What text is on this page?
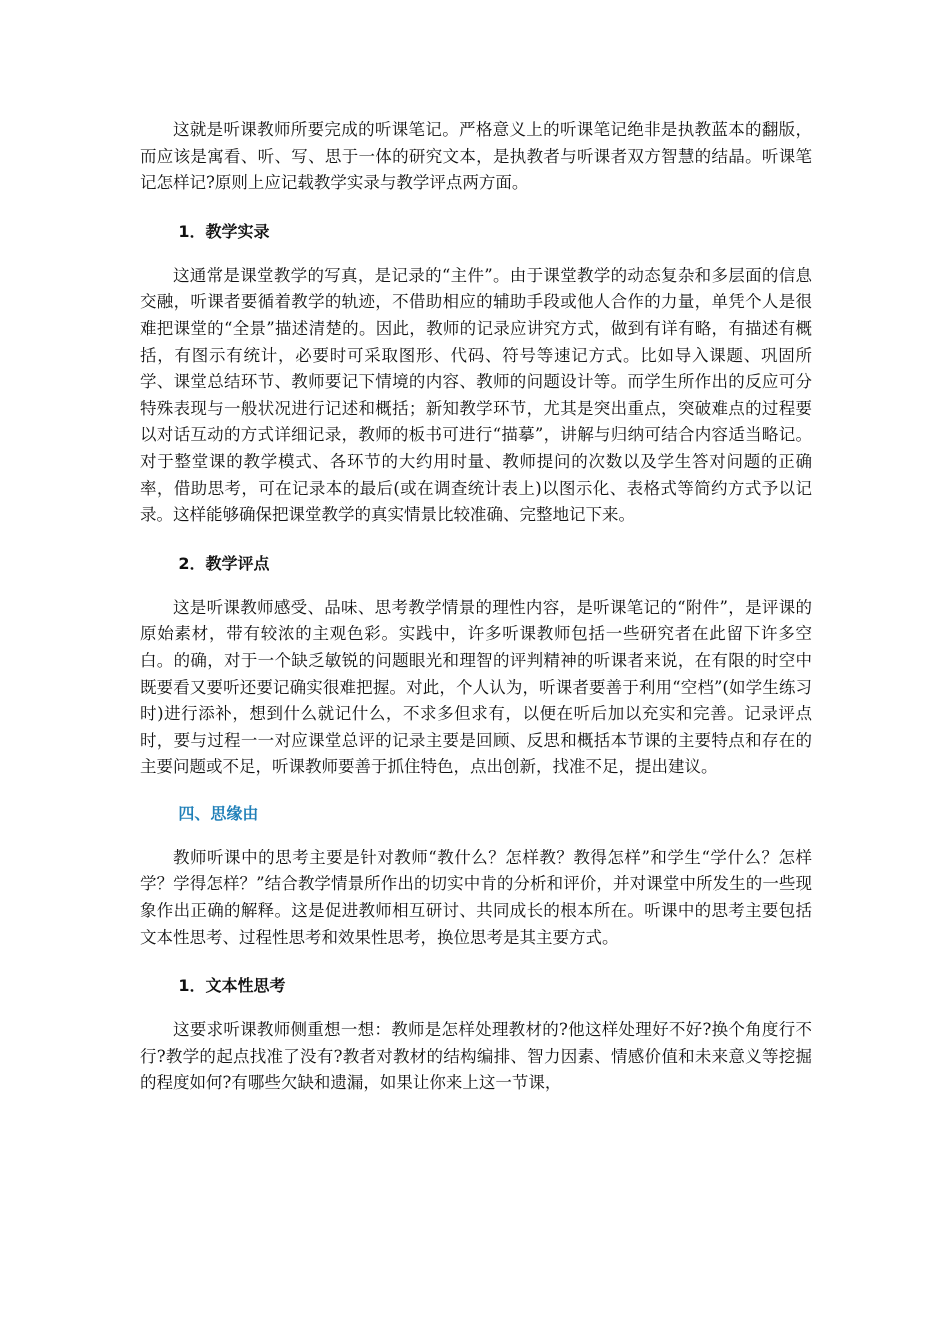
这就是听课教师所要完成的听课笔记。严格意义上的听课笔记绝非是执教蓝本的翻版，而应该是寓看、听、写、思于一体的研究文本，是执教者与听课者双方智慧的结晶。听课笔记怎样记?原则上应记载教学实录与教学评点两方面。

1．教学实录

这通常是课堂教学的写真，是记录的“主件”。由于课堂教学的动态复杂和多层面的信息交融，听课者要循着教学的轨迹，不借助相应的辅助手段或他人合作的力量，单凭个人是很难把课堂的“全景”描述清楚的。因此，教师的记录应讲究方式，做到有详有略，有描述有概括，有图示有统计，必要时可采取图形、代码、符号等速记方式。比如导入课题、巩固所学、课堂总结环节、教师要记下情境的内容、教师的问题设计等。而学生所作出的反应可分特殊表现与一般状况进行记述和概括；新知教学环节，尤其是突出重点，突破难点的过程要以对话互动的方式详细记录，教师的板书可进行“描摹”，讲解与归纳可结合内容适当略记。对于整堂课的教学模式、各环节的大约用时量、教师提问的次数以及学生答对问题的正确率，借助思考，可在记录本的最后(或在调查统计表上)以图示化、表格式等简约方式予以记录。这样能够确保把课堂教学的真实情景比较准确、完整地记下来。

2．教学评点

这是听课教师感受、品味、思考教学情景的理性内容，是听课笔记的“附件”，是评课的原始素材，带有较浓的主观色彩。实践中，许多听课教师包括一些研究者在此留下许多空白。的确，对于一个缺乏敏锐的问题眼光和理智的评判精神的听课者来说，在有限的时空中既要看又要听还要记确实很难把握。对此，个人认为，听课者要善于利用“空档”(如学生练习时)进行添补，想到什么就记什么，不求多但求有，以便在听后加以充实和完善。记录评点时，要与过程一一对应课堂总评的记录主要是回顾、反思和概括本节课的主要特点和存在的主要问题或不足，听课教师要善于抓住特色，点出创新，找准不足，提出建议。

四、思缘由

教师听课中的思考主要是针对教师“教什么？怎样教？教得怎样”和学生“学什么？怎样学？学得怎样？”结合教学情景所作出的切实中肯的分析和评价，并对课堂中所发生的一些现象作出正确的解释。这是促进教师相互研讨、共同成长的根本所在。听课中的思考主要包括文本性思考、过程性思考和效果性思考，换位思考是其主要方式。

1．文本性思考

这要求听课教师侧重想一想：教师是怎样处理教材的?他这样处理好不好?换个角度行不行?教学的起点找准了没有?教者对教材的结构编排、智力因素、情感价值和未来意义等挖掘的程度如何?有哪些欠缺和遗漏，如果让你来上这一节课，
